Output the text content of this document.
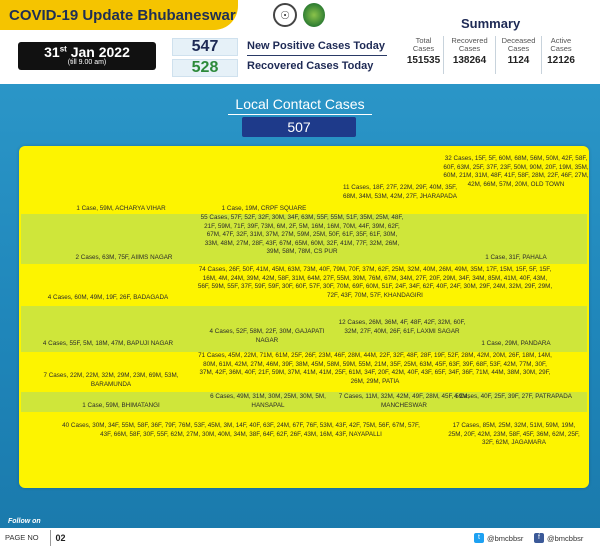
COVID-19 Update Bhubaneswar	☉
31st Jan 2022
(till 9.00 am)
547	New Positive Cases Today
528	Recovered Cases Today
Summary
Total Cases
151535
Recovered Cases
138264
Deceased Cases
1124
Active Cases
12126
Local Contact Cases
507
1 Case, 59M, ACHARYA VIHAR	1 Case, 19M, CRPF SQUARE
11 Cases, 18F, 27F, 22M, 29F, 40M, 35F, 68M, 34M, 53M, 42M, 27F, JHARAPADA
32 Cases, 15F, 5F, 60M, 68M, 56M, 50M, 42F, 58F, 60F, 63M, 25F, 37F, 23F, 50M, 90M, 20F, 19M, 35M, 60M, 21M, 31M, 48F, 41F, 58F, 28M, 22F, 46F, 27M, 42M, 66M, 57M, 20M, OLD TOWN
2 Cases, 63M, 75F, AIIMS NAGAR
55 Cases, 57F, 52F, 32F, 30M, 34F, 63M, 55F, 55M, 51F, 35M, 25M, 48F, 21F, 59M, 71F, 39F, 73M, 6M, 2F, 5M, 16M, 16M, 70M, 44F, 39M, 62F, 67M, 47F, 32F, 31M, 37M, 27M, 59M, 25M, 50F, 61F, 35F, 61F, 30M, 33M, 48M, 27M, 28F, 43F, 67M, 65M, 60M, 32F, 41M, 77F, 32M, 26M, 39M, 58M, 78M, CS PUR
1 Case, 31F, PAHALA
4 Cases, 60M, 49M, 19F, 26F, BADAGADA
74 Cases, 26F, 50F, 41M, 45M, 63M, 73M, 40F, 79M, 70F, 37M, 62F, 25M, 32M, 40M, 26M, 49M, 35M, 17F, 15M, 15F, 5F, 15F, 16M, 4M, 24M, 39M, 42M, 58F, 31M, 64M, 27F, 55M, 39M, 76M, 67M, 34M, 27F, 20F, 29M, 34F, 34M, 85M, 41M, 40F, 43M, 56F, 59M, 55F, 37F, 59F, 59F, 30F, 60F, 57F, 30F, 70M, 69F, 60M, 51F, 24F, 34F, 62F, 40F, 24F, 30M, 29F, 24M, 32M, 29F, 29M, 72F, 43F, 70M, 57F, KHANDAGIRI
4 Cases, 55F, 5M, 18M, 47M, BAPUJI NAGAR
4 Cases, 52F, 58M, 22F, 30M, GAJAPATI NAGAR
12 Cases, 26M, 36M, 4F, 48F, 42F, 32M, 60F, 32M, 27F, 40M, 26F, 61F, LAXMI SAGAR
1 Case, 29M, PANDARA
7 Cases, 22M, 22M, 32M, 29M, 23M, 69M, 53M, BARAMUNDA
71 Cases, 45M, 22M, 71M, 61M, 25F, 26F, 23M, 46F, 28M, 44M, 22F, 32F, 48F, 28F, 19F, 52F, 28M, 42M, 20M, 26F, 18M, 14M, 80M, 61M, 42M, 27M, 46M, 39F, 38M, 45M, 58M, 59M, 55M, 21M, 35F, 25M, 63M, 45F, 63F, 39F, 68F, 53F, 42M, 77M, 30F, 37M, 42F, 36M, 40F, 21F, 59M, 37M, 41M, 41M, 25F, 61M, 34F, 20F, 42M, 40F, 43F, 65F, 34F, 36F, 71M, 44M, 38M, 30M, 29F, 26M, 29M, PATIA
1 Case, 59M, BHIMATANGI
6 Cases, 49M, 31M, 30M, 25M, 30M, 5M, HANSAPAL
7 Cases, 11M, 32M, 42M, 49F, 28M, 45F, 59M, MANCHESWAR
4 Cases, 40F, 25F, 39F, 27F, PATRAPADA
40 Cases, 30M, 34F, 55M, 58F, 36F, 79F, 76M, 53F, 45M, 3M, 14F, 40F, 63F, 24M, 67F, 76F, 53M, 43F, 42F, 75M, 56F, 67M, 57F, 43F, 66M, 58F, 30F, 55F, 62M, 27M, 30M, 40M, 34M, 38F, 64F, 62F, 26F, 43M, 16M, 43F, NAYAPALLI
17 Cases, 85M, 25M, 32M, 51M, 59M, 19M, 25M, 20F, 42M, 23M, 58F, 45F, 36M, 62M, 25F, 32F, 62M, JAGAMARA
Follow on
PAGE NO	02	t @bmcbbsr	f @bmcbbsr
